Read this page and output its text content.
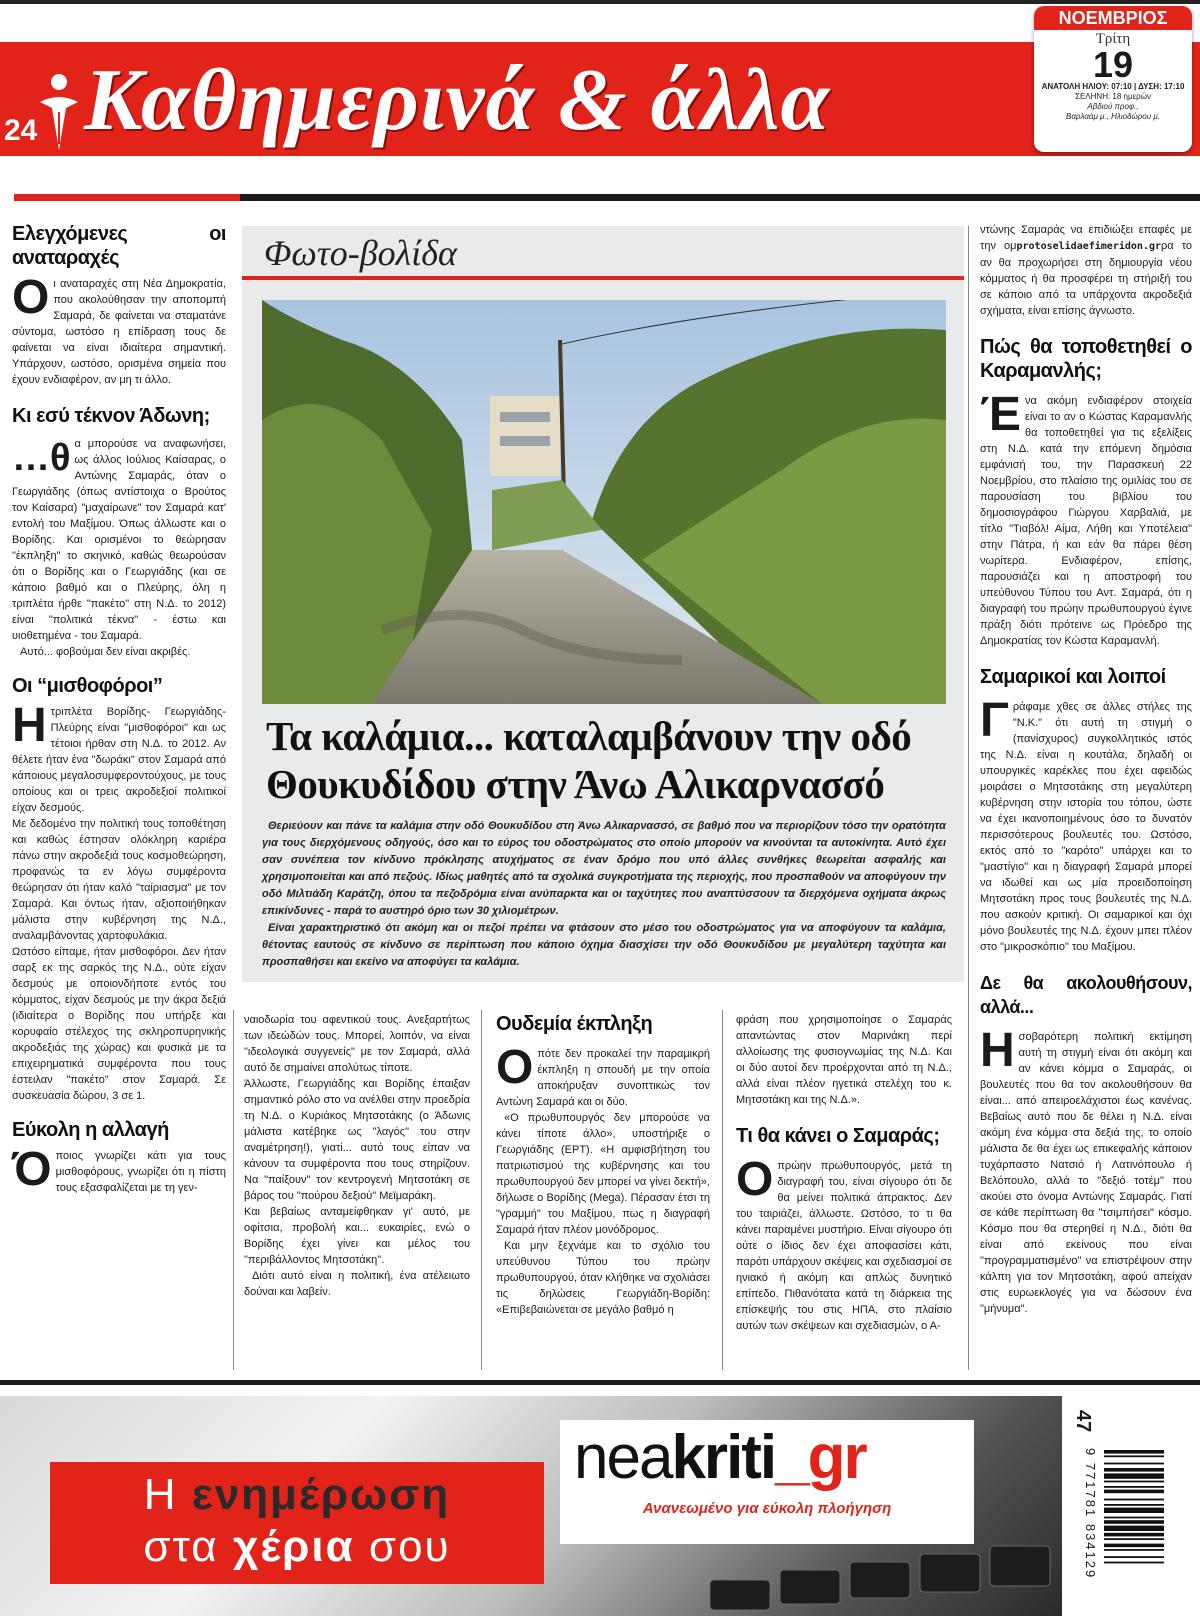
24 Καθημερινά & άλλα
ΝΟΕΜΒΡΙΟΣ
Τρίτη
19
ΑΝΑΤΟΛΗ ΗΛΙΟΥ: 07:10 | ΔΥΣΗ: 17:10
ΣΕΛΗΝΗ: 18 ημερών
Αβδιού προφ.,
Βαρλαάμ μ., Ηλιοδώρου μ.
Ελεγχόμενες οι αναταραχές

Οι αναταραχές στη Νέα Δημοκρατία, που ακολούθησαν την αποπομπή Σαμαρά, δε φαίνεται να σταματάνε σύντομα, ωστόσο η επίδραση τους δε φαίνεται να είναι ιδιαίτερα σημαντική. Υπάρχουν, ωστόσο, ορισμένα σημεία που έχουν ενδιαφέρον, αν μη τι άλλο.

Κι εσύ τέκνον Άδωνη;

…θ α μπορούσε να αναφωνήσει, ως άλλος Ιούλιος Καίσαρας, ο Αντώνης Σαμαράς, όταν ο Γεωργιάδης (όπως αντίστοιχα ο Βρούτος τον Καίσαρα) "μαχαίρωνε" τον Σαμαρά κατ' εντολή του Μαξίμου. Όπως άλλωστε και ο Βορίδης. Και ορισμένοι το θεώρησαν "έκπληξη" το σκηνικό, καθώς θεωρούσαν ότι ο Βορίδης και ο Γεωργιάδης (και σε κάποιο βαθμό και ο Πλεύρης, όλη η τριπλέτα ήρθε "πακέτο" στη Ν.Δ. το 2012) είναι "πολιτικά τέκνα" - έστω και υιοθετημένα - του Σαμαρά.

Αυτό... φοβούμαι δεν είναι ακριβές.

Οι “μισθοφόροι”

Ητριπλέτα Βορίδης- Γεωργιάδης- Πλεύρης είναι "μισθοφόροι" και ως τέτοιοι ήρθαν στη Ν.Δ. το 2012. Αν θέλετε ήταν ένα "δωράκι" στον Σαμαρά από κάποιους μεγαλοσυμφεροντούχους, με τους οποίους και οι τρεις ακροδεξιοί πολιτικοί είχαν δεσμούς.

Με δεδομένο την πολιτική τους τοποθέτηση και καθώς έστησαν ολόκληρη καριέρα πάνω στην ακροδεξιά τους κοσμοθεώρηση, προφανώς τα εν λόγω συμφέροντα θεώρησαν ότι ήταν καλό "ταίριασμα" με τον Σαμαρά. Και όντως ήταν, αξιοποιήθηκαν μάλιστα στην κυβέρνηση της Ν.Δ., αναλαμβάνοντας χαρτοφυλάκια.

Ωστόσο είπαμε, ήταν μισθοφόροι. Δεν ήταν σαρξ εκ της σαρκός της Ν.Δ., ούτε είχαν δεσμούς με οποιονδήποτε εντός του κόμματος, είχαν δεσμούς με την άκρα δεξιά (ιδιαίτερα ο Βορίδης που υπήρξε και κορυφαίο στέλεχος της σκληροπυρηνικής ακροδεξιάς της χώρας) και φυσικά με τα επιχειρηματικά συμφέροντα που τους έστειλαν "πακέτο" στον Σαμαρά. Σε συσκευασία δώρου, 3 σε 1.

Εύκολη η αλλαγή

Όποιος γνωρίζει κάτι για τους μισθοφόρους, γνωρίζει ότι η πίστη τους εξασφαλίζεται με τη γεν-

Φωτο-βολίδα
Τα καλάμια... καταλαμβάνουν την οδό Θουκυδίδου στην Άνω Αλικαρνασσό
Θεριεύουν και πάνε τα καλάμια στην οδό Θουκυδίδου στη Άνω Αλικαρνασσό, σε βαθμό που να περιορίζουν τόσο την ορατότητα για τους διερχόμενους οδηγούς, όσο και το εύρος του οδοστρώματος στο οποίο μπορούν να κινούνται τα αυτοκίνητα. Αυτό έχει σαν συνέπεια τον κίνδυνο πρόκλησης ατυχήματος σε έναν δρόμο που υπό άλλες συνθήκες θεωρείται ασφαλής και χρησιμοποιείται και από πεζούς. Ιδίως μαθητές από τα σχολικά συγκροτήματα της περιοχής, που προσπαθούν να αποφύγουν την οδό Μιλτιάδη Καράτζη, όπου τα πεζοδρόμια είναι ανύπαρκτα και οι ταχύτητες που αναπτύσσουν τα διερχόμενα οχήματα άκρως επικίνδυνες - παρά το αυστηρό όριο των 30 χιλιομέτρων.
Είναι χαρακτηριστικό ότι ακόμη και οι πεζοί πρέπει να φτάσουν στο μέσο του οδοστρώματος για να αποφύγουν τα καλάμια, θέτοντας εαυτούς σε κίνδυνο σε περίπτωση που κάποιο όχημα διασχίσει την οδό Θουκυδίδου με μεγαλύτερη ταχύτητα και προσπαθήσει και εκείνο να αποφύγει τα καλάμια.

ναιοδωρία του αφεντικού τους. Ανεξαρτήτως των ιδεώδών τους. Μπορεί, λοιπόν, να είναι "ιδεολογικά συγγενείς" με τον Σαμαρά, αλλά αυτό δε σημαίνει απολύτως τίποτε.

Άλλωστε, Γεωργιάδης και Βορίδης έπαιξαν σημαντικό ρόλο στο να ανέλθει στην προεδρία τη Ν.Δ. ο Κυριάκος Μητσοτάκης (ο Άδωνις μάλιστα κατέβηκε ως "λαγός" του στην αναμέτρηση!), γιατί... αυτό τους είπαν να κάνουν τα συμφέροντα που τους στηρίζουν. Να "παίξουν" τον κεντρογενή Μητσοτάκη σε βάρος του "πούρου δεξιού" Μεϊμαράκη.

Και βεβαίως ανταμείφθηκαν γι' αυτό, με οφίτσια, προβολή και... ευκαιρίες, ενώ ο Βορίδης έχει γίνει και μέλος του "περιβάλλοντος Μητσοτάκη".

Διότι αυτό είναι η πολιτική, ένα ατέλειωτο δούναι και λαβείν.

Ουδεμία έκπληξη

Οπότε δεν προκαλεί την παραμικρή έκπληξη η σπουδή με την οποία απoκήρυξαν συνοπτικώς τον Αντώνη Σαμαρά και οι δύο.

«Ο πρωθυπουργός δεν μπορούσε να κάνει τίποτε άλλο», υποστήριξε ο Γεωργιάδης (ΕΡΤ). «Η αμφισβήτηση του πατριωτισμού της κυβέρνησης και του πρωθυπουργού δεν μπορεί να γίνει δεκτή», δήλωσε ο Βορίδης (Mega). Πέρασαν έτσι τη "γραμμή" του Μαξίμου, πως η διαγραφή Σαμαρά ήταν πλέον μονόδρομος.

Και μην ξεχνάμε και το σχόλιο του υπεύθυνου Τύπου του πρώην πρωθυπουργού, όταν κλήθηκε να σχολιάσει τις δηλώσεις Γεωργιάδη-Βορίδη: «Επιβεβαιώνεται σε μεγάλο βαθμό η

φράση που χρησιμοποίησε ο Σαμαράς απαντώντας στον Μαρινάκη περί αλλοίωσης της φυσιογνωμίας της Ν.Δ. Και οι δύο αυτοί δεν προέρχονται από τη Ν.Δ., αλλά είναι πλέον ηγετικά στελέχη του κ. Μητσοτάκη και της Ν.Δ.».

Τι θα κάνει ο Σαμαράς;

Οπρώην πρωθυπουργός, μετά τη διαγραφή του, είναι σίγουρο ότι δε θα μείνει πολιτικά άπρακτος. Δεν του ταιριάζει, άλλωστε. Ωστόσο, το τι θα κάνει παραμένει μυστήριο. Είναι σίγουρο ότι ούτε ο ίδιος δεν έχει αποφασίσει κάτι, παρότι υπάρχουν σκέψεις και σχεδιασμοί σε ηνιακό ή ακόμη και απλώς δυνητικό επίπεδο. Πιθανότατα κατά τη διάρκεια της επίσκεψής του στις ΗΠΑ, στο πλαίσιο αυτών των σκέψεων και σχεδιασμών, ο Α-

ντώνης Σαμαράς να επιδιώξει επαφές με την ομprotoselidaefimeridon.grρα το αν θα προχωρήσει στη δημιουργία νέου κόμματος ή θα προσφέρει τη στήριξή του σε κάποιο από τα υπάρχοντα ακροδεξιά σχήματα, είναι επίσης άγνωστο.

Πώς θα τοποθετηθεί ο Καραμανλής;

Ένα ακόμη ενδιαφέρον στοιχεία είναι το αν ο Κώστας Καραμανλής θα τοποθετηθεί για τις εξελίξεις στη Ν.Δ. κατά την επόμενη δημόσια εμφάνισή του, την Παρασκευή 22 Νοεμβρίου, στο πλαίσιο της ομιλίας του σε παρουσίαση του βιβλίου του δημοσιογράφου Γιώργου Χαρβαλιά, με τίτλο "Τιαβόλ! Αίμα, Λήθη και Υποτέλεια" στην Πάτρα, ή και εάν θα πάρει θέση νωρίτερα. Ενδιαφέρον, επίσης, παρουσιάζει και η αποστροφή του υπεύθυνου Τύπου του Αντ. Σαμαρά, ότι η διαγραφή του πρώην πρωθυπουργού έγινε πράξη διότι πρότεινε ως Πρόεδρο της Δημοκρατίας τον Κώστα Καραμανλή.

Σαμαρικοί και λοιποί

Γράφαμε χθες σε άλλες στήλες της "Ν.Κ." ότι αυτή τη στιγμή ο (πανίσχυρος) συγκολλητικός ιστός της Ν.Δ. είναι η κουτάλα, δηλαδή οι υπουργικές καρέκλες που έχει αφειδώς μοιράσει ο Μητσοτάκης στη μεγαλύτερη κυβέρνηση στην ιστορία του τόπου, ώστε να έχει ικανοποιημένους όσο το δυνατόν περισσότερους βουλευτές του. Ωστόσο, εκτός από το "καρότο" υπάρχει και το "μαστίγιο" και η διαγραφή Σαμαρά μπορεί να ιδωθεί και ως μία προειδοποίηση Μητσοτάκη προς τους βουλευτές της Ν.Δ. που ασκούν κριτική. Οι σαμαρικοί και όχι μόνο βουλευτές της Ν.Δ. έχουν μπει πλέον στο "μικροσκόπιο" του Μαξίμου.

Δε θα ακολουθήσουν, αλλά...

Ησοβαρότερη πολιτική εκτίμηση αυτή τη στιγμή είναι ότι ακόμη και αν κάνει κόμμα ο Σαμαράς, οι βουλευτές που θα τον ακολουθήσουν θα είναι... από απειροελάχιστοι έως κανένας. Βεβαίως αυτό που δε θέλει η Ν.Δ. είναι ακόμη ένα κόμμα στα δεξιά της, το οποίο μάλιστα δε θα έχει ως επικεφαλής κάποιον τυχάρπαστο Νατσιό ή Λατινόπουλο ή Βελόπουλο, αλλά το "δεξιό τοτέμ" που ακούει στο όνομα Αντώνης Σαμαράς. Γιατί σε κάθε περίπτωση θα "τσιμπήσει" κόσμο. Κόσμο που θα στερηθεί η Ν.Δ., διότι θα είναι από εκείνους που είναι "προγραμματισμένο" να επιστρέψουν στην κάλπη για τον Μητσοτάκη, αφού απείχαν στις ευρωεκλογές για να δώσουν ένα "μήνυμα".

Η ενημέρωση
στα χέρια σου
neakriti_gr
Ανανεωμένο για εύκολη πλοήγηση
47
9 771781 834129
